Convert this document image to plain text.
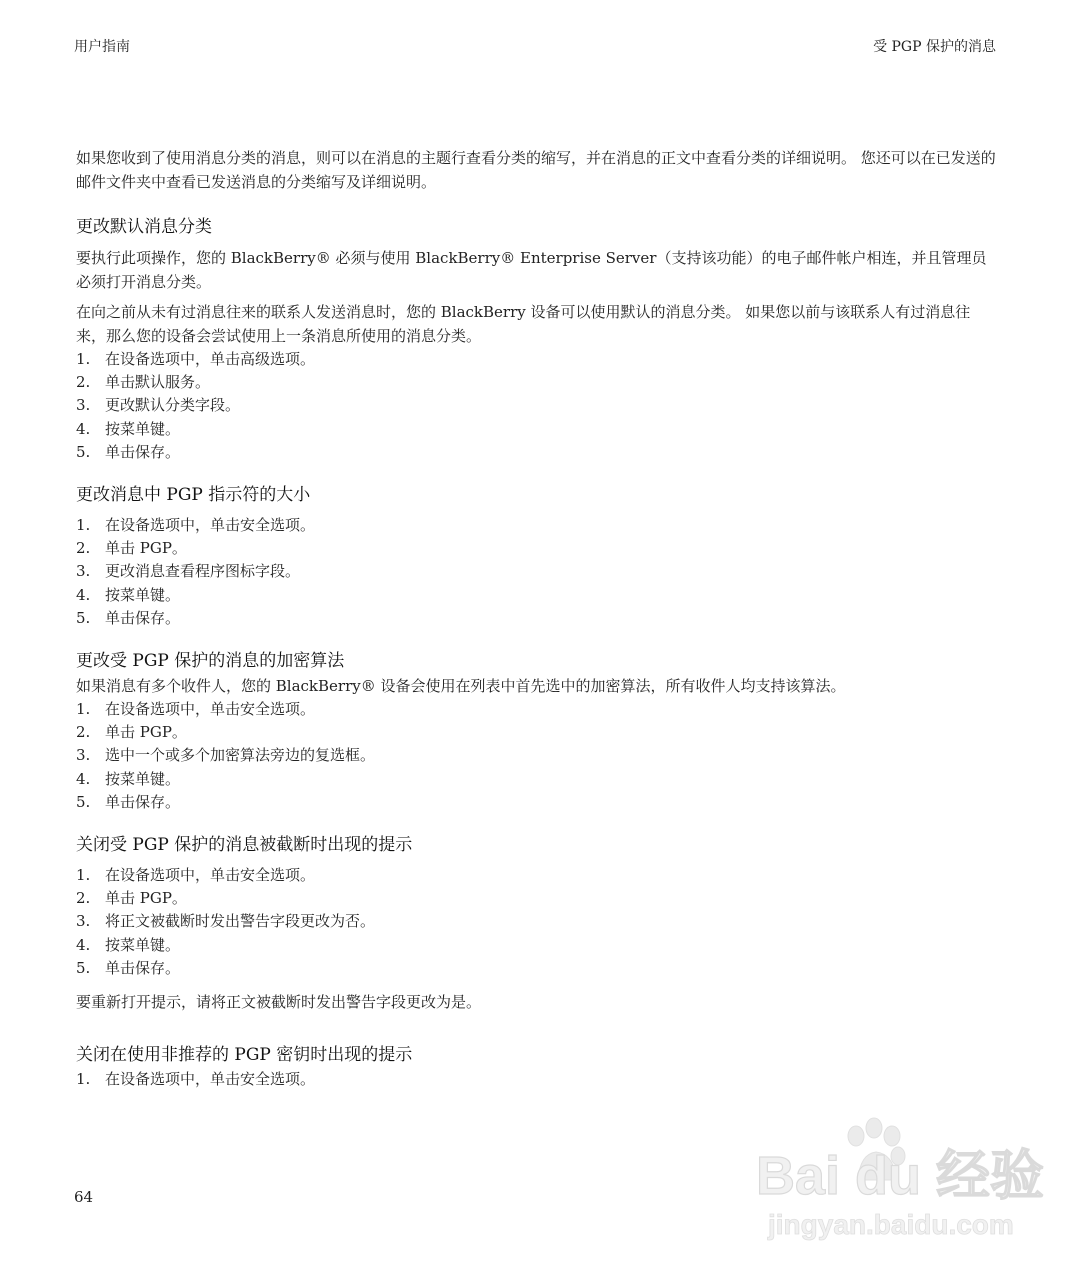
用户指南	受 PGP 保护的消息

如果您收到了使用消息分类的消息，则可以在消息的主题行查看分类的缩写，并在消息的正文中查看分类的详细说明。 您还可以在已发送的邮件文件夹中查看已发送消息的分类缩写及详细说明。

更改默认消息分类

要执行此项操作，您的 BlackBerry® 必须与使用 BlackBerry® Enterprise Server（支持该功能）的电子邮件帐户相连，并且管理员必须打开消息分类。

在向之前从未有过消息往来的联系人发送消息时，您的 BlackBerry 设备可以使用默认的消息分类。 如果您以前与该联系人有过消息往来，那么您的设备会尝试使用上一条消息所使用的消息分类。

1. 在设备选项中，单击高级选项。
2. 单击默认服务。
3. 更改默认分类字段。
4. 按菜单键。
5. 单击保存。
更改消息中 PGP 指示符的大小
1. 在设备选项中，单击安全选项。
2. 单击 PGP。
3. 更改消息查看程序图标字段。
4. 按菜单键。
5. 单击保存。
更改受 PGP 保护的消息的加密算法

如果消息有多个收件人，您的 BlackBerry® 设备会使用在列表中首先选中的加密算法，所有收件人均支持该算法。

1. 在设备选项中，单击安全选项。
2. 单击 PGP。
3. 选中一个或多个加密算法旁边的复选框。
4. 按菜单键。
5. 单击保存。
关闭受 PGP 保护的消息被截断时出现的提示
1. 在设备选项中，单击安全选项。
2. 单击 PGP。
3. 将正文被截断时发出警告字段更改为否。
4. 按菜单键。
5. 单击保存。

要重新打开提示，请将正文被截断时发出警告字段更改为是。

关闭在使用非推荐的 PGP 密钥时出现的提示
1. 在设备选项中，单击安全选项。
64	Bai du 经验
jingyan.baidu.com
